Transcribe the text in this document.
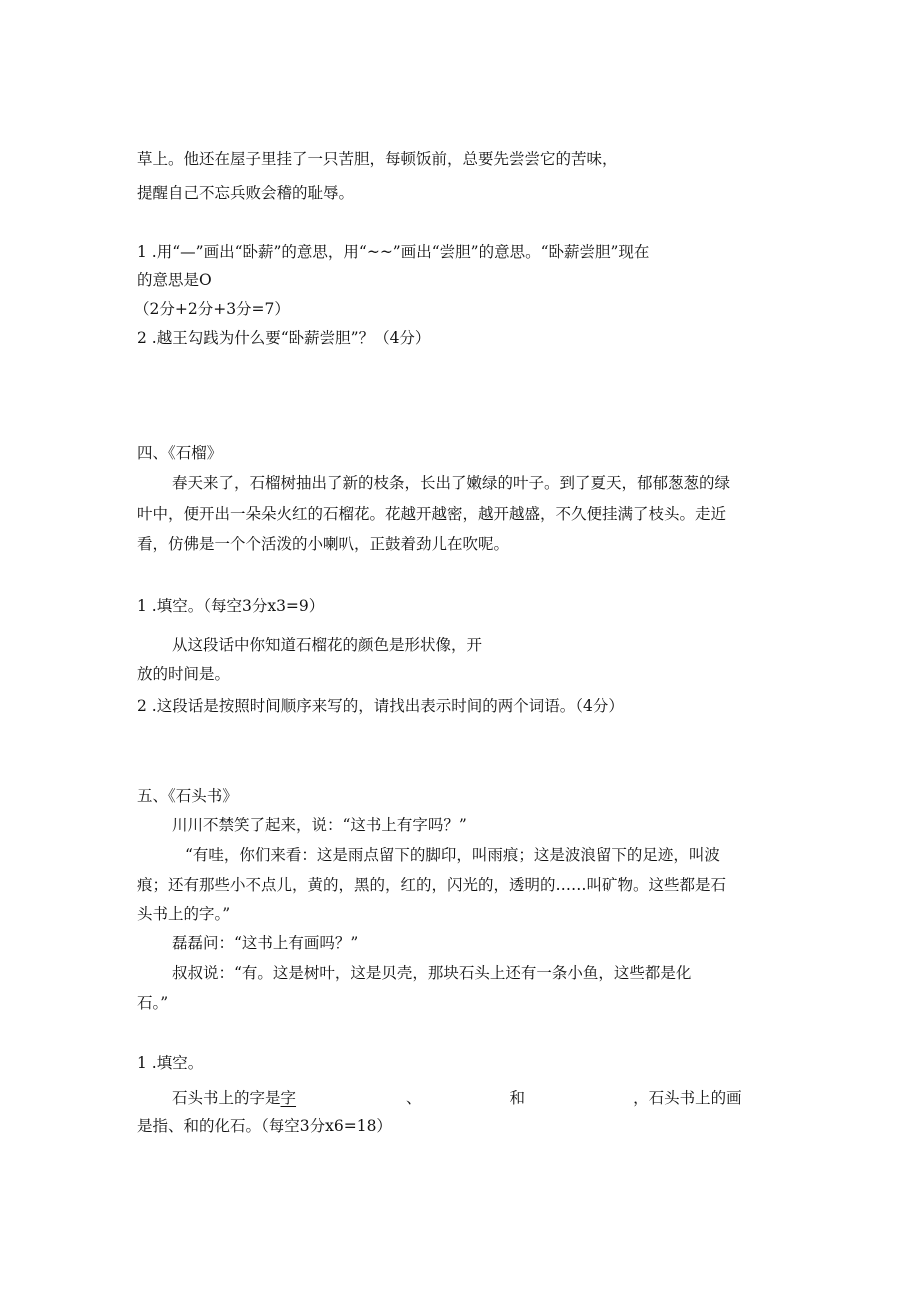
草上。他还在屋子里挂了一只苦胆，每顿饭前，总要先尝尝它的苦味，
提醒自己不忘兵败会稽的耻辱。
1 .用“—”画出“卧薪”的意思，用“~~”画出“尝胆”的意思。“卧薪尝胆”现在
的意思是O
（2分+2分+3分=7）
2 .越王勾践为什么要“卧薪尝胆”？（4分）
四、《石榴》
春天来了，石榴树抽出了新的枝条，长出了嫩绿的叶子。到了夏天，郁郁葱葱的绿
叶中，便开出一朵朵火红的石榴花。花越开越密，越开越盛，不久便挂满了枝头。走近
看，仿佛是一个个活泼的小喇叭，正鼓着劲儿在吹呢。
1 .填空。（每空3分x3=9）
从这段话中你知道石榴花的颜色是形状像，开
放的时间是。
2 .这段话是按照时间顺序来写的，请找出表示时间的两个词语。（4分）
五、《石头书》
川川不禁笑了起来，说：“这书上有字吗？”
“有哇，你们来看：这是雨点留下的脚印，叫雨痕；这是波浪留下的足迹，叫波
痕；还有那些小不点儿，黄的，黑的，红的，闪光的，透明的……叫矿物。这些都是石
头书上的字。”
磊磊问：“这书上有画吗？”
叔叔说：“有。这是树叶，这是贝壳，那块石头上还有一条小鱼，这些都是化
石。”
1 .填空。
石头书上的字是字	、	和	，石头书上的画
是指、和的化石。（每空3分x6=18）
